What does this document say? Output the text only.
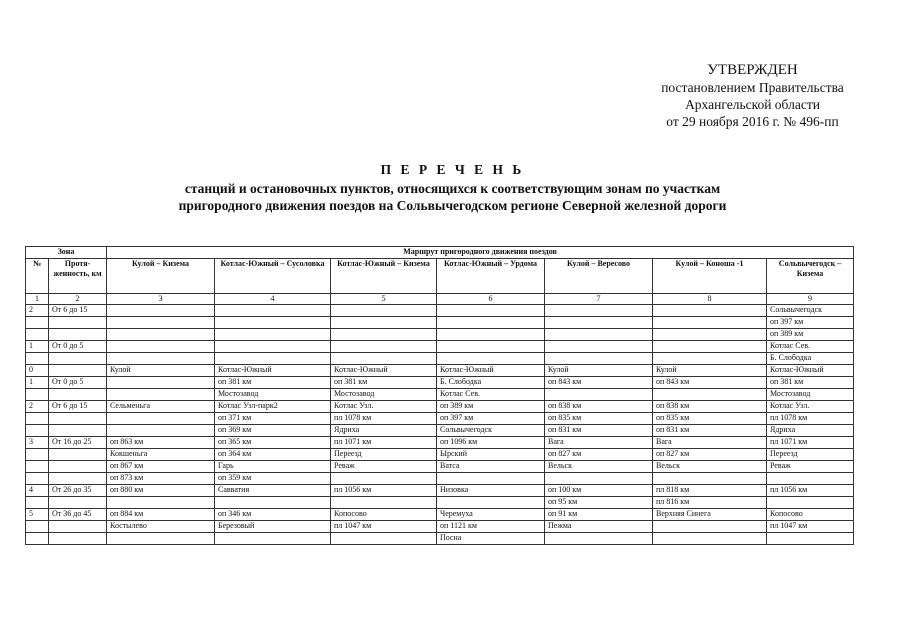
УТВЕРЖДЕН
постановлением Правительства
Архангельской области
от 29 ноября 2016 г. № 496-пп
П Е Р Е Ч Е Н Ь
станций и остановочных пунктов, относящихся к соответствующим зонам по участкам
пригородного движения поездов на Сольвычегодском регионе Северной железной дороги
Зона		Маршрут пригородного движения поездов						
№	Протя-женность, км	Кулой – Кизема	Котлас-Южный – Сусоловка	Котлас-Южный – Кизема	Котлас-Южный – Урдома	Кулой – Вересово	Кулой – Коноша -1	Сольвычегодск – Кизема
1	2	3	4	5	6	7	8	9
2	От 6 до 15							Сольвычегодск
								оп 397 км
								оп 389 км
1	От 0 до 5							Котлас Сев.
								Б. Слободка
0		Кулой	Котлас-Южный	Котлас-Южный	Котлас-Южный	Кулой	Кулой	Котлас-Южный
1	От 0 до 5		оп 381 км	оп 381 км	Б. Слободка	оп 843 км	оп 843 км	оп 381 км
			Мостозавод	Мостозавод	Котлас Сев.			Мостозавод
2	От 6 до 15	Сельменьга	Котлас Узл-парк2	Котлас Узл.	оп 389 км	оп 838 км	оп 838 км	Котлас Узл.
			оп 371 км	пл 1078 км	оп 397 км	оп 835 км	оп 835 км	пл 1078 км
			оп 369 км	Ядриха	Сольвычегодск	оп 831 км	оп 831 км	Ядриха
3	От 16 до 25	оп 863 км	оп 365 км	пл 1071 км	оп 1096 км	Вага	Вага	пл 1071 км
		Кокшеньга	оп 364 км	Переезд	Ырский	оп 827 км	оп 827 км	Переезд
		оп 867 км	Гарь	Реваж	Ватса	Вельск	Вельск	Реваж
		оп 873 км	оп 359 км					
4	От 26 до 35	оп 880 км	Савватия	пл 1056 км	Низовка	оп 100 км	пл 818 км	пл 1056 км
						оп 95 км	пл 816 км	
5	От 36 до 45	оп 884 км	оп 346 км	Копосово	Черемуха	оп 91 км	Верхняя Синега	Копосово
		Костылево	Березовый	пл 1047 км	оп 1121 км	Пежма		пл 1047 км
					Посна			
